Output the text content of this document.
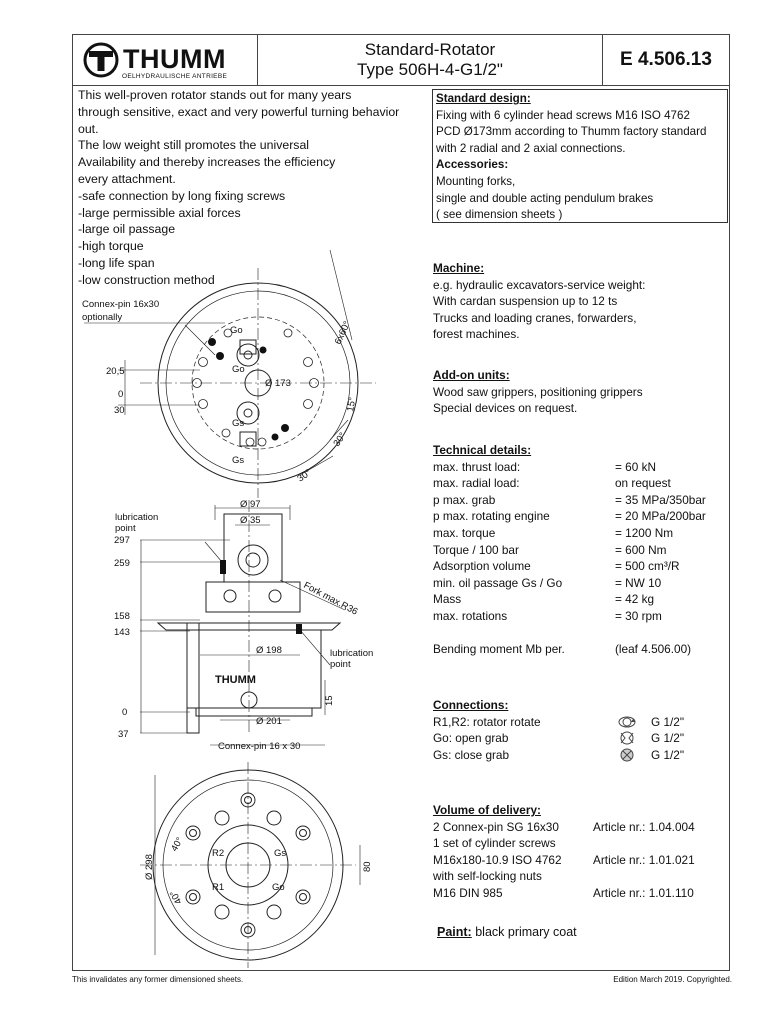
THUMM
OELHYDRAULISCHE ANTRIEBE
Standard-Rotator
Type 506H-4-G1/2"	E 4.506.13
This well-proven rotator stands out for many years
through sensitive, exact and very powerful turning behavior
out.
The low weight still promotes the universal
Availability and thereby increases the efficiency
every attachment.
-safe connection by long fixing screws
-large permissible axial forces
-large oil passage
-high torque
-long life span
-low construction method
Standard design:
Fixing with 6 cylinder head screws M16 ISO 4762
PCD Ø173mm according to Thumm factory standard
with 2 radial and 2 axial connections.
Accessories:
Mounting forks,
single and double acting pendulum brakes
( see dimension sheets )
Machine:
e.g. hydraulic excavators-service weight:
With cardan suspension up to 12 ts
Trucks and loading cranes, forwarders,
forest machines.
Add-on units:
Wood saw grippers, positioning grippers
Special devices on request.
Technical details:
max. thrust load:	= 60 kN
max. radial load:	on request
p max. grab	= 35 MPa/350bar
p max. rotating engine	= 20 MPa/200bar
max. torque	= 1200 Nm
Torque / 100 bar	= 600 Nm
Adsorption volume	= 500 cm³/R
min. oil passage Gs / Go	= NW 10
Mass	= 42 kg
max. rotations	= 30 rpm
Bending moment Mb per.	(leaf 4.506.00)
Connections:
R1,R2: rotator rotate	G 1/2"
Go: open grab	G 1/2"
Gs: close grab	G 1/2"
Volume of delivery:
2 Connex-pin SG 16x30	Article nr.: 1.04.004
1 set of cylinder screws
M16x180-10.9 ISO 4762	Article nr.: 1.01.021
with self-locking nuts
M16 DIN 985	Article nr.: 1.01.110
Paint: black primary coat
Connex-pin 16x30
optionally
Go
Go
Gs
Gs
Ø 173
6x60°
15°
30°
30°
20,5
0
30
Ø 97
Ø 35
lubrication
point
297
259
158
143
0
37
Fork max.R36
Ø 198	lubrication
point
15
Ø 201
Connex-pin 16 x 30
Ø 298	80
40°
40°
R2
R1
Gs
Go
THUMM
This invalidates any former dimensioned sheets.	Edition March 2019. Copyrighted.
